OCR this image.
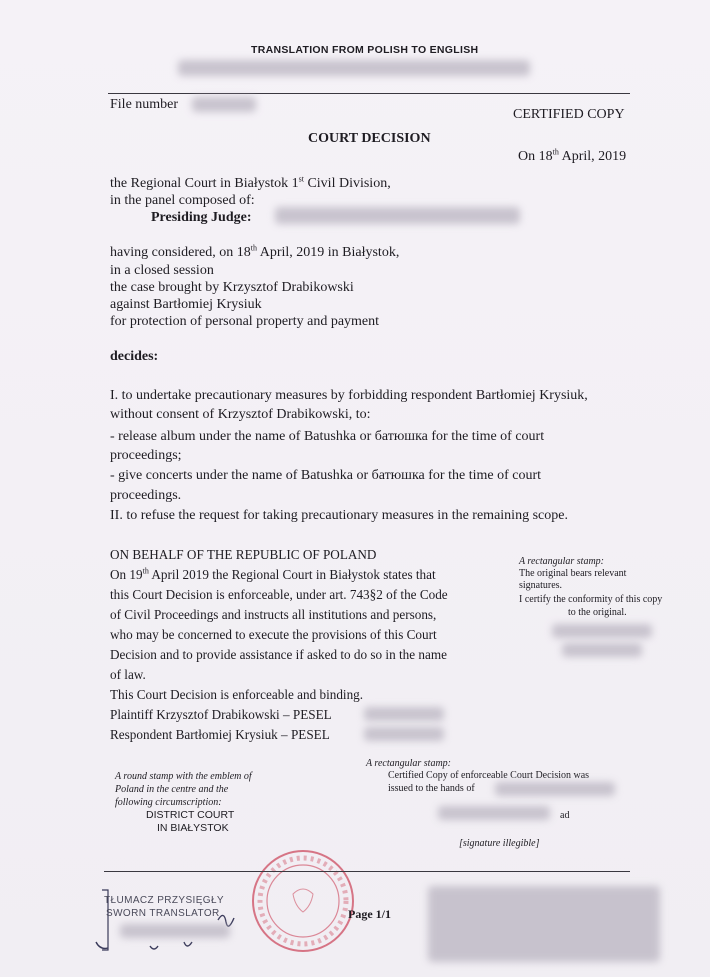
TRANSLATION FROM POLISH TO ENGLISH
File number
CERTIFIED COPY
COURT DECISION
On 18th April, 2019
the Regional Court in Białystok 1st Civil Division,
in the panel composed of:
Presiding Judge:
having considered, on 18th April, 2019 in Białystok,
in a closed session
the case brought by Krzysztof Drabikowski
against Bartłomiej Krysiuk
for protection of personal property and payment
decides:
I. to undertake precautionary measures by forbidding respondent Bartłomiej Krysiuk,
without consent of Krzysztof Drabikowski, to:
- release album under the name of Batushka or батюшка for the time of court
proceedings;
- give concerts under the name of Batushka or батюшка for the time of court
proceedings.
II. to refuse the request for taking precautionary measures in the remaining scope.
ON BEHALF OF THE REPUBLIC OF POLAND
On 19th April 2019 the Regional Court in Białystok states that
this Court Decision is enforceable, under art. 743§2 of the Code
of Civil Proceedings and instructs all institutions and persons,
who may be concerned to execute the provisions of this Court
Decision and to provide assistance if asked to do so in the name
of law.
This Court Decision is enforceable and binding.
Plaintiff Krzysztof Drabikowski – PESEL
Respondent Bartłomiej Krysiuk – PESEL
A rectangular stamp:
The original bears relevant
signatures.
I certify the conformity of this copy
to the original.
A round stamp with the emblem of
Poland in the centre and the
following circumscription:
DISTRICT COURT
IN BIAŁYSTOK
A rectangular stamp:
Certified Copy of enforceable Court Decision was
issued to the hands of
ad
[signature illegible]
TŁUMACZ PRZYSIĘGŁY
SWORN TRANSLATOR	Page 1/1
